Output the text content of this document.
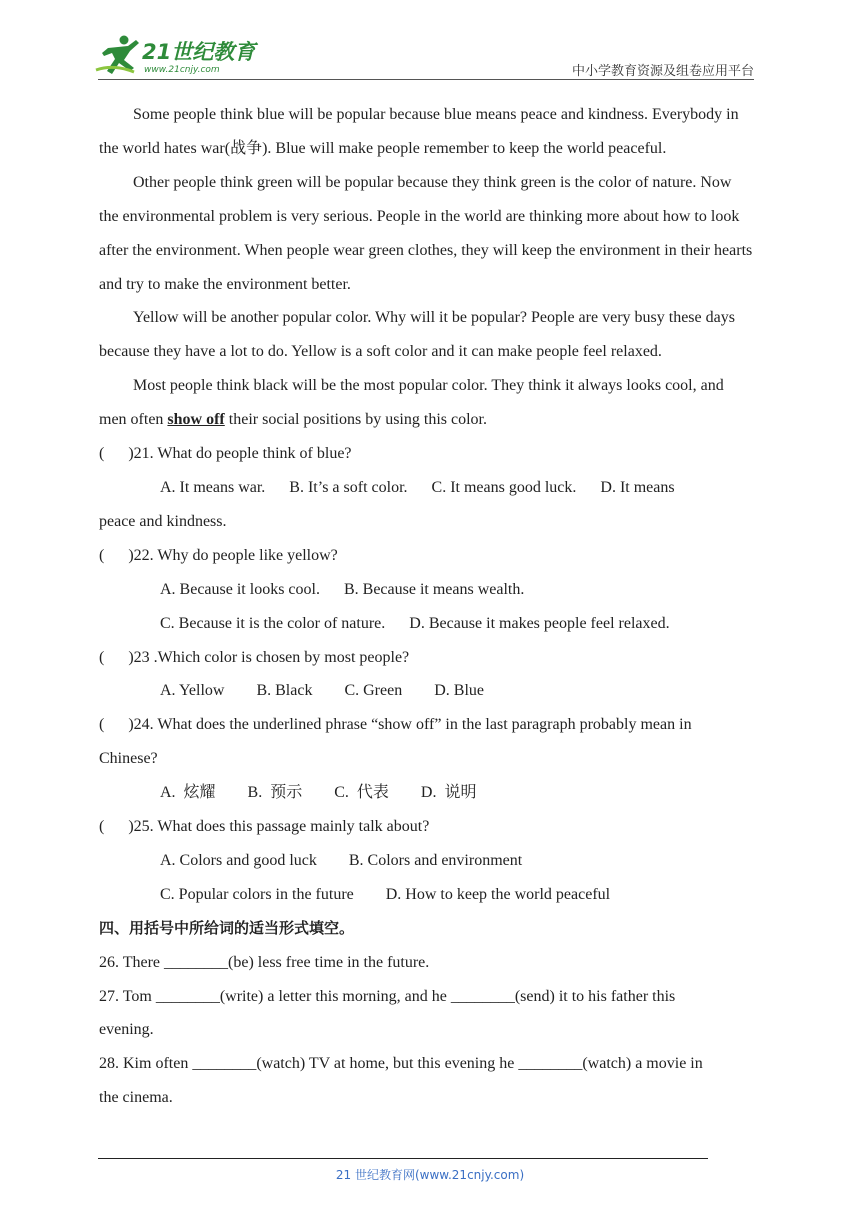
21世纪教育
www.21cnjy.com	中小学教育资源及组卷应用平台

Some people think blue will be popular because blue means peace and kindness. Everybody in the world hates war(战争). Blue will make people remember to keep the world peaceful.

Other people think green will be popular because they think green is the color of nature. Now the environmental problem is very serious. People in the world are thinking more about how to look after the environment. When people wear green clothes, they will keep the environment in their hearts and try to make the environment better.

Yellow will be another popular color. Why will it be popular? People are very busy these days because they have a lot to do. Yellow is a soft color and it can make people feel relaxed.

Most people think black will be the most popular color. They think it always looks cool, and men often show off their social positions by using this color.

(      )21. What do people think of blue?

A. It means war.      B. It’s a soft color.      C. It means good luck.      D. It means

peace and kindness.

(      )22. Why do people like yellow?

A. Because it looks cool.      B. Because it means wealth.

C. Because it is the color of nature.      D. Because it makes people feel relaxed.

(      )23 .Which color is chosen by most people?

A. Yellow        B. Black        C. Green        D. Blue

(      )24. What does the underlined phrase “show off” in the last paragraph probably mean in

Chinese?

A.  炫耀        B.  预示        C.  代表        D.  说明

(      )25. What does this passage mainly talk about?

A. Colors and good luck        B. Colors and environment

C. Popular colors in the future        D. How to keep the world peaceful

四、用括号中所给词的适当形式填空。

26. There ________(be) less free time in the future.

27. Tom ________(write) a letter this morning, and he ________(send) it to his father this

evening.

28. Kim often ________(watch) TV at home, but this evening he ________(watch) a movie in

the cinema.

21 世纪教育网(www.21cnjy.com)
